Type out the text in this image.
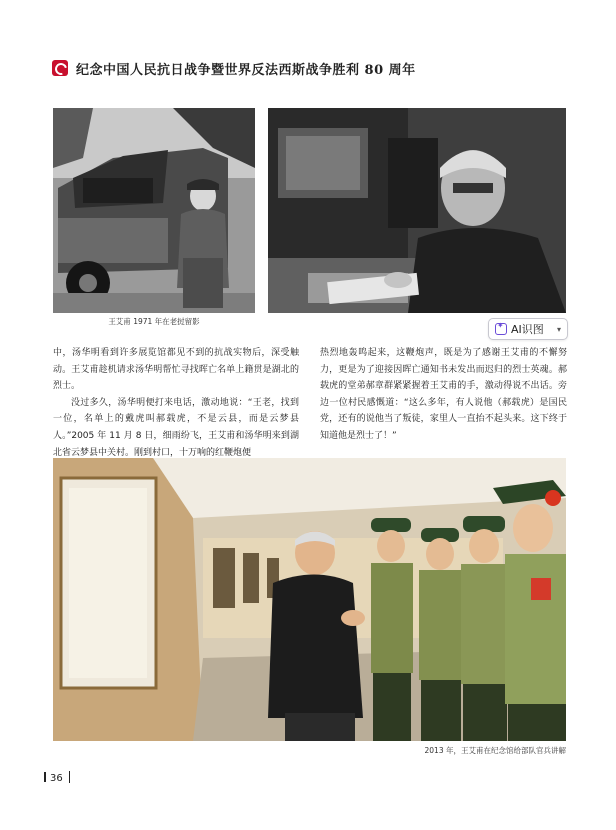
纪念中国人民抗日战争暨世界反法西斯战争胜利 80 周年
王艾甫 1971 年在老挝留影
✦
AI识图	▾

中，汤华明看到许多展览馆都见不到的抗战实物后，深受触动。王艾甫趁机请求汤华明帮忙寻找晖亡名单上籍贯是湖北的烈士。

没过多久，汤华明便打来电话，激动地说：“王老，找到一位，名单上的戴虎叫郝载虎，不是云县，而是云梦县人。”2005 年 11 月 8 日，细雨纷飞，王艾甫和汤华明来到湖北省云梦县中关村。刚到村口，十万响的红鞭炮便

热烈地轰鸣起来，这鞭炮声，既是为了感谢王艾甫的不懈努力，更是为了迎接因晖亡通知书未发出而迟归的烈士英魂。郝载虎的堂弟郝章群紧紧握着王艾甫的手，激动得说不出话。旁边一位村民感慨道：“这么多年，有人说他（郝载虎）是国民党，还有的说他当了叛徒，家里人一直抬不起头来。这下终于知道他是烈士了！”

2013 年，王艾甫在纪念馆给部队官兵讲解
36
